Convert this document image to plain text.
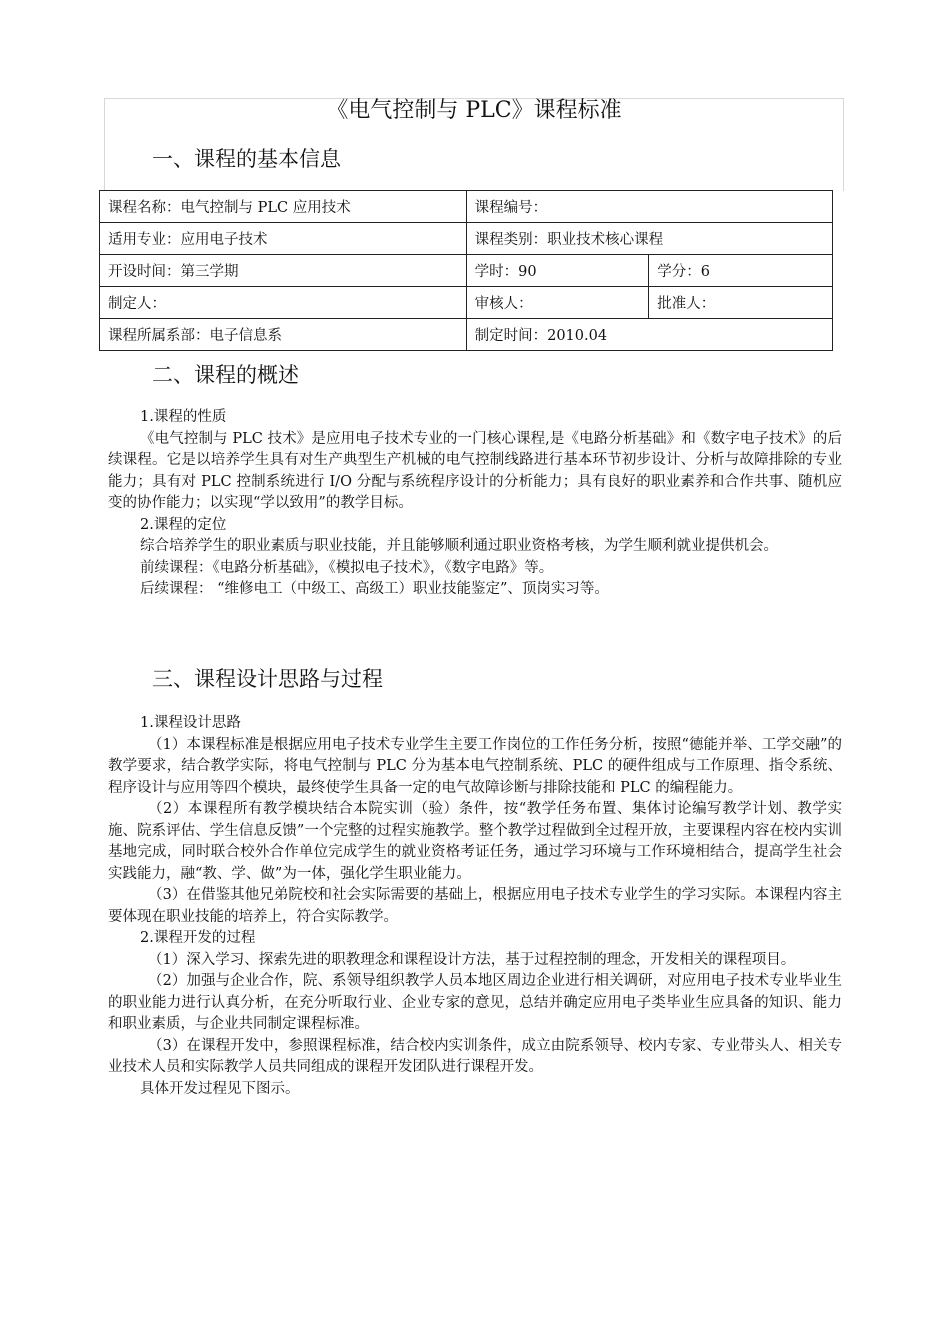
《电气控制与 PLC》课程标准
一、课程的基本信息
课程名称：电气控制与 PLC 应用技术	课程编号：	
适用专业：应用电子技术	课程类别：职业技术核心课程	
开设时间：第三学期	学时：90	学分：6
制定人：	审核人：	批准人：
课程所属系部：电子信息系	制定时间：2010.04	
二、课程的概述

1.课程的性质

《电气控制与 PLC 技术》是应用电子技术专业的一门核心课程,是《电路分析基础》和《数字电子技术》的后续课程。它是以培养学生具有对生产典型生产机械的电气控制线路进行基本环节初步设计、分析与故障排除的专业能力；具有对 PLC 控制系统进行 I/O 分配与系统程序设计的分析能力；具有良好的职业素养和合作共事、随机应变的协作能力；以实现“学以致用”的教学目标。

2.课程的定位

综合培养学生的职业素质与职业技能，并且能够顺利通过职业资格考核，为学生顺利就业提供机会。

前续课程：《电路分析基础》，《模拟电子技术》，《数字电路》等。

后续课程： “维修电工（中级工、高级工）职业技能鉴定”、顶岗实习等。

三、课程设计思路与过程

1.课程设计思路

（1）本课程标准是根据应用电子技术专业学生主要工作岗位的工作任务分析，按照“德能并举、工学交融”的教学要求，结合教学实际，将电气控制与 PLC 分为基本电气控制系统、PLC 的硬件组成与工作原理、指令系统、程序设计与应用等四个模块，最终使学生具备一定的电气故障诊断与排除技能和 PLC 的编程能力。

（2）本课程所有教学模块结合本院实训（验）条件，按“教学任务布置、集体讨论编写教学计划、教学实施、院系评估、学生信息反馈”一个完整的过程实施教学。整个教学过程做到全过程开放，主要课程内容在校内实训基地完成，同时联合校外合作单位完成学生的就业资格考证任务，通过学习环境与工作环境相结合，提高学生社会实践能力，融“教、学、做”为一体，强化学生职业能力。

（3）在借鉴其他兄弟院校和社会实际需要的基础上，根据应用电子技术专业学生的学习实际。本课程内容主要体现在职业技能的培养上，符合实际教学。

2.课程开发的过程

（1）深入学习、探索先进的职教理念和课程设计方法，基于过程控制的理念，开发相关的课程项目。

（2）加强与企业合作，院、系领导组织教学人员本地区周边企业进行相关调研，对应用电子技术专业毕业生的职业能力进行认真分析，在充分听取行业、企业专家的意见，总结并确定应用电子类毕业生应具备的知识、能力和职业素质，与企业共同制定课程标准。

（3）在课程开发中，参照课程标准，结合校内实训条件，成立由院系领导、校内专家、专业带头人、相关专业技术人员和实际教学人员共同组成的课程开发团队进行课程开发。

具体开发过程见下图示。
